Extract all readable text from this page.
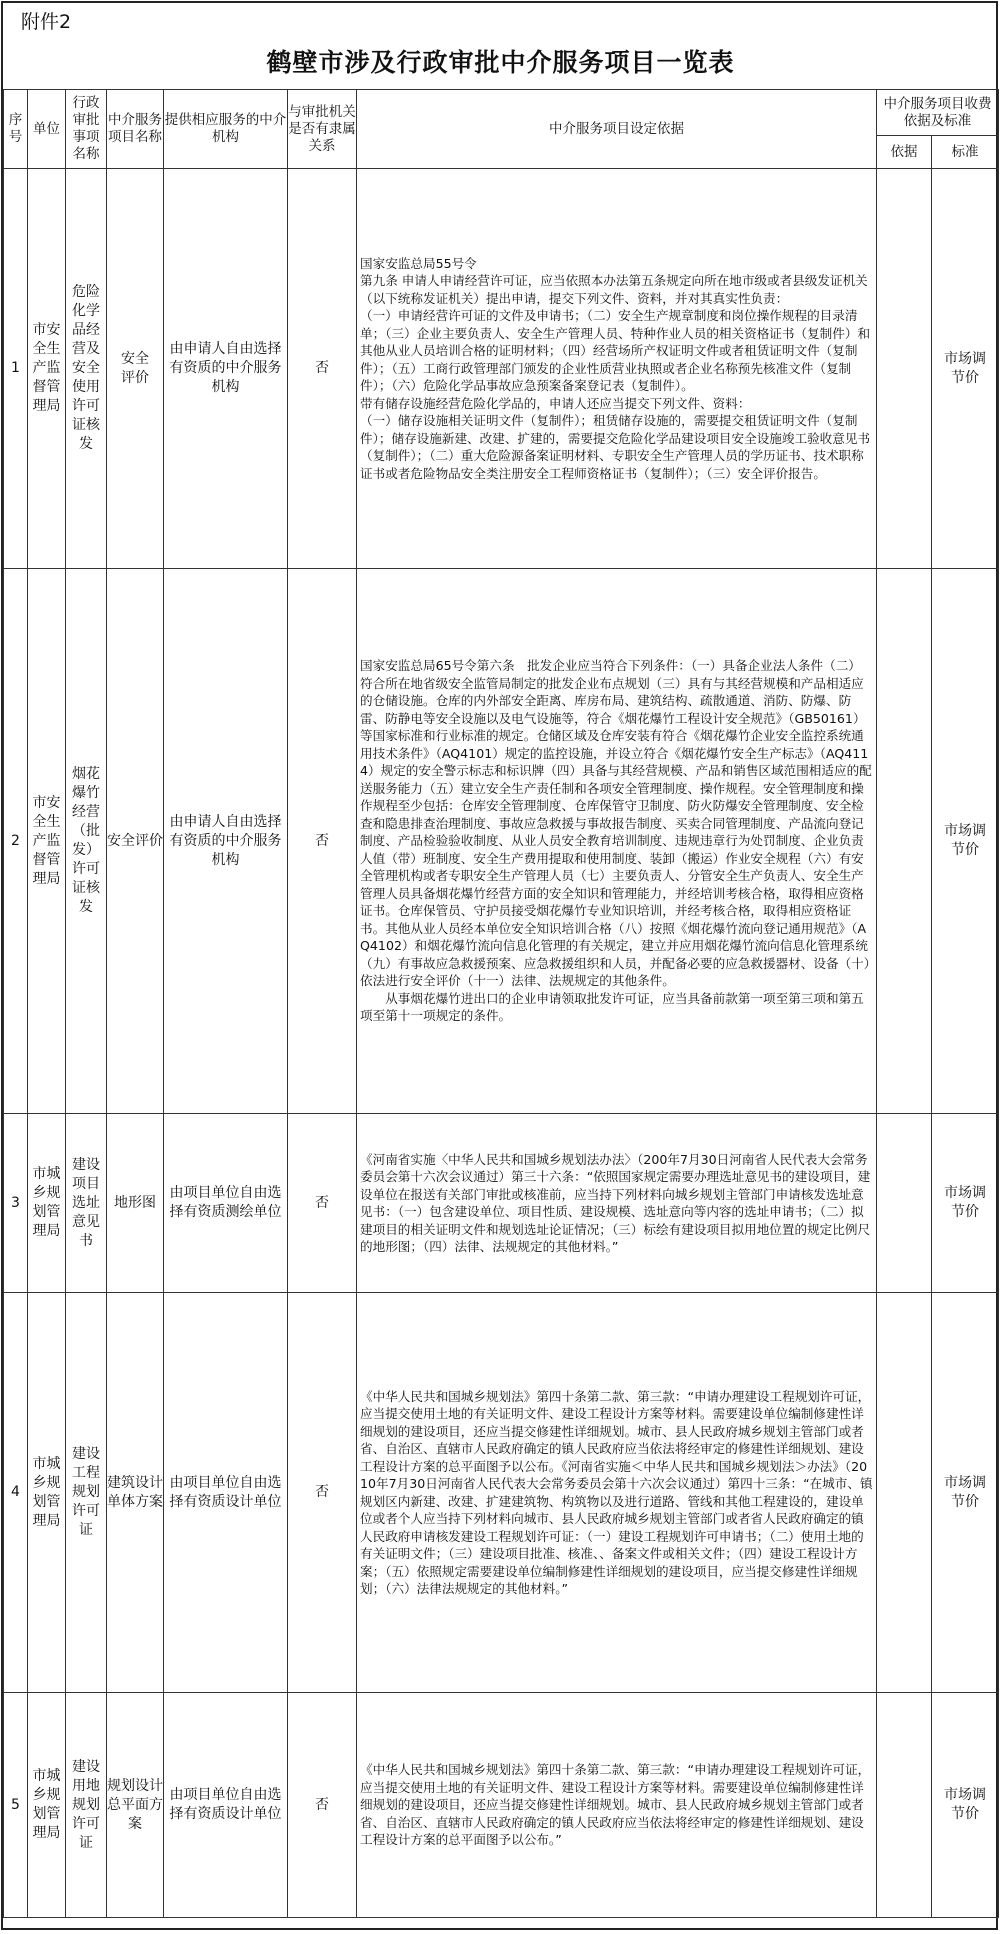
附件2
鹤壁市涉及行政审批中介服务项目一览表
序号	单位	行政审批事项名称	中介服务项目名称	提供相应服务的中介机构	与审批机关是否有隶属关系	中介服务项目设定依据	中介服务项目收费依据及标准	
							依据	标准
1	市安全生产监督管理局	危险化学品经营及安全使用许可证核发	安全评价	由申请人自由选择有资质的中介服务机构	否	国家安监总局55号令
第九条 申请人申请经营许可证，应当依照本办法第五条规定向所在地市级或者县级发证机关（以下统称发证机关）提出申请，提交下列文件、资料，并对其真实性负责：
（一）申请经营许可证的文件及申请书；（二）安全生产规章制度和岗位操作规程的目录清单；（三）企业主要负责人、安全生产管理人员、特种作业人员的相关资格证书（复制件）和其他从业人员培训合格的证明材料；（四）经营场所产权证明文件或者租赁证明文件（复制件）；（五）工商行政管理部门颁发的企业性质营业执照或者企业名称预先核准文件（复制件）；（六）危险化学品事故应急预案备案登记表（复制件）。
带有储存设施经营危险化学品的，申请人还应当提交下列文件、资料：
（一）储存设施相关证明文件（复制件）；租赁储存设施的，需要提交租赁证明文件（复制件）；储存设施新建、改建、扩建的，需要提交危险化学品建设项目安全设施竣工验收意见书（复制件）；（二）重大危险源备案证明材料、专职安全生产管理人员的学历证书、技术职称证书或者危险物品安全类注册安全工程师资格证书（复制件）；（三）安全评价报告。		市场调节价
2	市安全生产监督管理局	烟花爆竹经营（批发）许可证核发	安全评价	由申请人自由选择有资质的中介服务机构	否	国家安监总局65号令第六条　批发企业应当符合下列条件：（一）具备企业法人条件（二）符合所在地省级安全监管局制定的批发企业布点规划（三）具有与其经营规模和产品相适应的仓储设施。仓库的内外部安全距离、库房布局、建筑结构、疏散通道、消防、防爆、防雷、防静电等安全设施以及电气设施等，符合《烟花爆竹工程设计安全规范》（GB50161）等国家标准和行业标准的规定。仓储区域及仓库安装有符合《烟花爆竹企业安全监控系统通用技术条件》（AQ4101）规定的监控设施，并设立符合《烟花爆竹安全生产标志》（AQ4114）规定的安全警示标志和标识牌（四）具备与其经营规模、产品和销售区域范围相适应的配送服务能力（五）建立安全生产责任制和各项安全管理制度、操作规程。安全管理制度和操作规程至少包括：仓库安全管理制度、仓库保管守卫制度、防火防爆安全管理制度、安全检查和隐患排查治理制度、事故应急救援与事故报告制度、买卖合同管理制度、产品流向登记制度、产品检验验收制度、从业人员安全教育培训制度、违规违章行为处罚制度、企业负责人值（带）班制度、安全生产费用提取和使用制度、装卸（搬运）作业安全规程（六）有安全管理机构或者专职安全生产管理人员（七）主要负责人、分管安全生产负责人、安全生产管理人员具备烟花爆竹经营方面的安全知识和管理能力，并经培训考核合格，取得相应资格证书。仓库保管员、守护员接受烟花爆竹专业知识培训，并经考核合格，取得相应资格证书。其他从业人员经本单位安全知识培训合格（八）按照《烟花爆竹流向登记通用规范》（AQ4102）和烟花爆竹流向信息化管理的有关规定，建立并应用烟花爆竹流向信息化管理系统（九）有事故应急救援预案、应急救援组织和人员，并配备必要的应急救援器材、设备（十）依法进行安全评价（十一）法律、法规规定的其他条件。
　　从事烟花爆竹进出口的企业申请领取批发许可证，应当具备前款第一项至第三项和第五项至第十一项规定的条件。		市场调节价
3	市城乡规划管理局	建设项目选址意见书	地形图	由项目单位自由选择有资质测绘单位	否	《河南省实施〈中华人民共和国城乡规划法办法〉（200年7月30日河南省人民代表大会常务委员会第十六次会议通过）第三十六条：“依照国家规定需要办理选址意见书的建设项目，建设单位在报送有关部门审批或核准前，应当持下列材料向城乡规划主管部门申请核发选址意见书：（一）包含建设单位、项目性质、建设规模、选址意向等内容的选址申请书；（二）拟建项目的相关证明文件和规划选址论证情况；（三）标绘有建设项目拟用地位置的规定比例尺的地形图；（四）法律、法规规定的其他材料。”		市场调节价
4	市城乡规划管理局	建设工程规划许可证	建筑设计单体方案	由项目单位自由选择有资质设计单位	否	《中华人民共和国城乡规划法》第四十条第二款、第三款：“申请办理建设工程规划许可证，应当提交使用土地的有关证明文件、建设工程设计方案等材料。需要建设单位编制修建性详细规划的建设项目，还应当提交修建性详细规划。城市、县人民政府城乡规划主管部门或者省、自治区、直辖市人民政府确定的镇人民政府应当依法将经审定的修建性详细规划、建设工程设计方案的总平面图予以公布。《河南省实施＜中华人民共和国城乡规划法＞办法》（2010年7月30日河南省人民代表大会常务委员会第十六次会议通过）第四十三条：“在城市、镇规划区内新建、改建、扩建建筑物、构筑物以及进行道路、管线和其他工程建设的，建设单位或者个人应当持下列材料向城市、县人民政府城乡规划主管部门或者省人民政府确定的镇人民政府申请核发建设工程规划许可证：（一）建设工程规划许可申请书；（二）使用土地的有关证明文件；（三）建设项目批准、核准、、备案文件或相关文件；（四）建设工程设计方案；（五）依照规定需要建设单位编制修建性详细规划的建设项目，应当提交修建性详细规划；（六）法律法规规定的其他材料。”		市场调节价
5	市城乡规划管理局	建设用地规划许可证	规划设计总平面方案	由项目单位自由选择有资质设计单位	否	《中华人民共和国城乡规划法》第四十条第二款、第三款：“申请办理建设工程规划许可证，应当提交使用土地的有关证明文件、建设工程设计方案等材料。需要建设单位编制修建性详细规划的建设项目，还应当提交修建性详细规划。城市、县人民政府城乡规划主管部门或者省、自治区、直辖市人民政府确定的镇人民政府应当依法将经审定的修建性详细规划、建设工程设计方案的总平面图予以公布。”		市场调节价
